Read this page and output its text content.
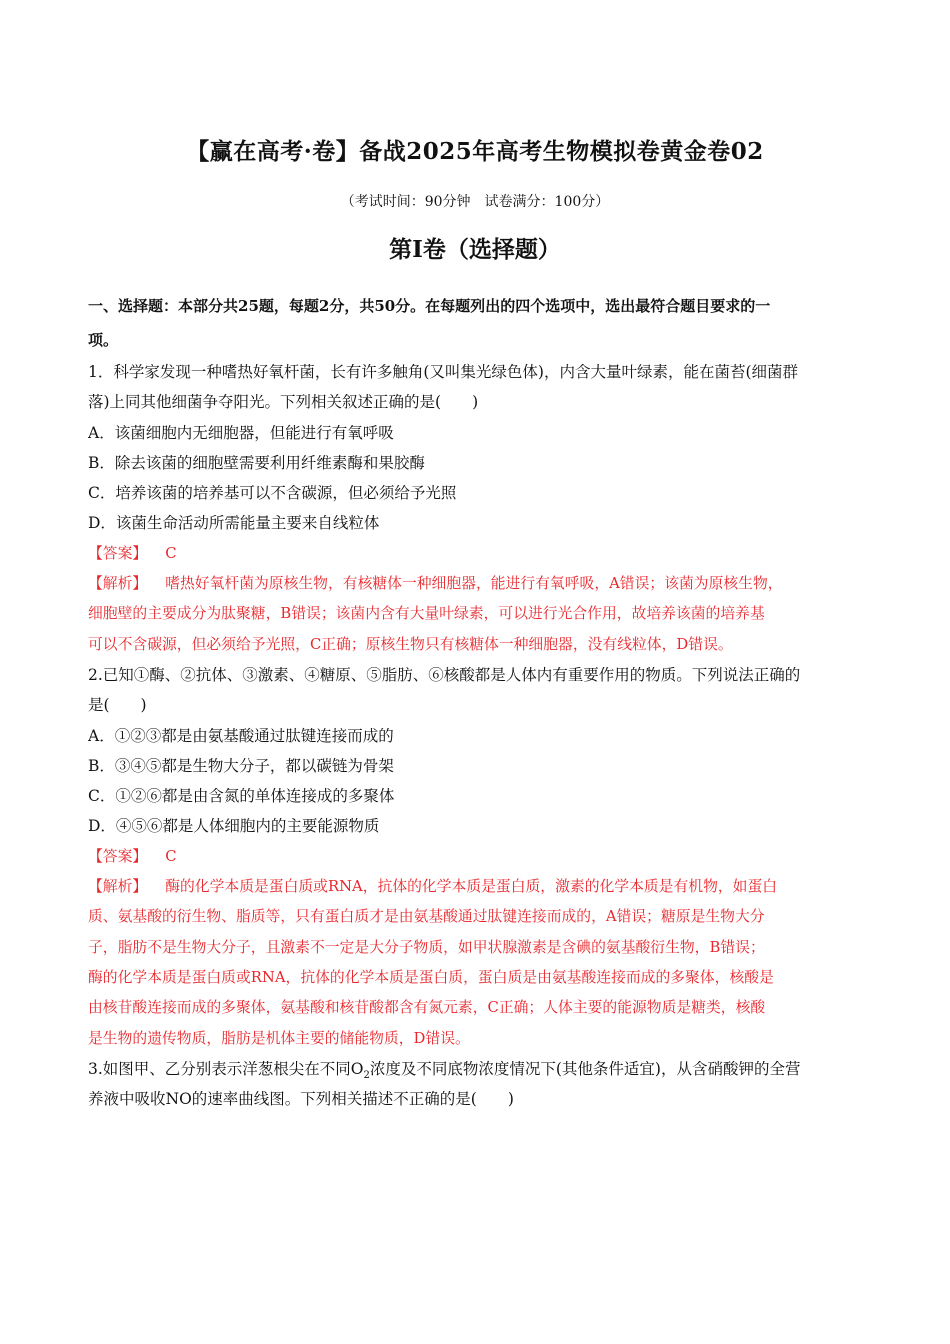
【赢在高考·卷】备战2025年高考生物模拟卷黄金卷02
（考试时间：90分钟　试卷满分：100分）
第I卷（选择题）
一、选择题：本部分共25题，每题2分，共50分。在每题列出的四个选项中，选出最符合题目要求的一
项。
1．科学家发现一种嗜热好氧杆菌，长有许多触角(又叫集光绿色体)，内含大量叶绿素，能在菌苔(细菌群
落)上同其他细菌争夺阳光。下列相关叙述正确的是(　　)
A．该菌细胞内无细胞器，但能进行有氧呼吸
B．除去该菌的细胞壁需要利用纤维素酶和果胶酶
C．培养该菌的培养基可以不含碳源，但必须给予光照
D．该菌生命活动所需能量主要来自线粒体
【答案】 C
【解析】 嗜热好氧杆菌为原核生物，有核糖体一种细胞器，能进行有氧呼吸，A错误；该菌为原核生物，
细胞壁的主要成分为肽聚糖，B错误；该菌内含有大量叶绿素，可以进行光合作用，故培养该菌的培养基
可以不含碳源，但必须给予光照，C正确；原核生物只有核糖体一种细胞器，没有线粒体，D错误。
2.已知①酶、②抗体、③激素、④糖原、⑤脂肪、⑥核酸都是人体内有重要作用的物质。下列说法正确的
是(　　)
A．①②③都是由氨基酸通过肽键连接而成的
B．③④⑤都是生物大分子，都以碳链为骨架
C．①②⑥都是由含氮的单体连接成的多聚体
D．④⑤⑥都是人体细胞内的主要能源物质
【答案】 C
【解析】 酶的化学本质是蛋白质或RNA，抗体的化学本质是蛋白质，激素的化学本质是有机物，如蛋白
质、氨基酸的衍生物、脂质等，只有蛋白质才是由氨基酸通过肽键连接而成的，A错误；糖原是生物大分
子，脂肪不是生物大分子，且激素不一定是大分子物质，如甲状腺激素是含碘的氨基酸衍生物，B错误；
酶的化学本质是蛋白质或RNA，抗体的化学本质是蛋白质，蛋白质是由氨基酸连接而成的多聚体，核酸是
由核苷酸连接而成的多聚体，氨基酸和核苷酸都含有氮元素，C正确；人体主要的能源物质是糖类，核酸
是生物的遗传物质，脂肪是机体主要的储能物质，D错误。
3.如图甲、乙分别表示洋葱根尖在不同$O_2$浓度及不同底物浓度情况下(其他条件适宜)，从含硝酸钾的全营
养液中吸收NO的速率曲线图。下列相关描述不正确的是(　　)
